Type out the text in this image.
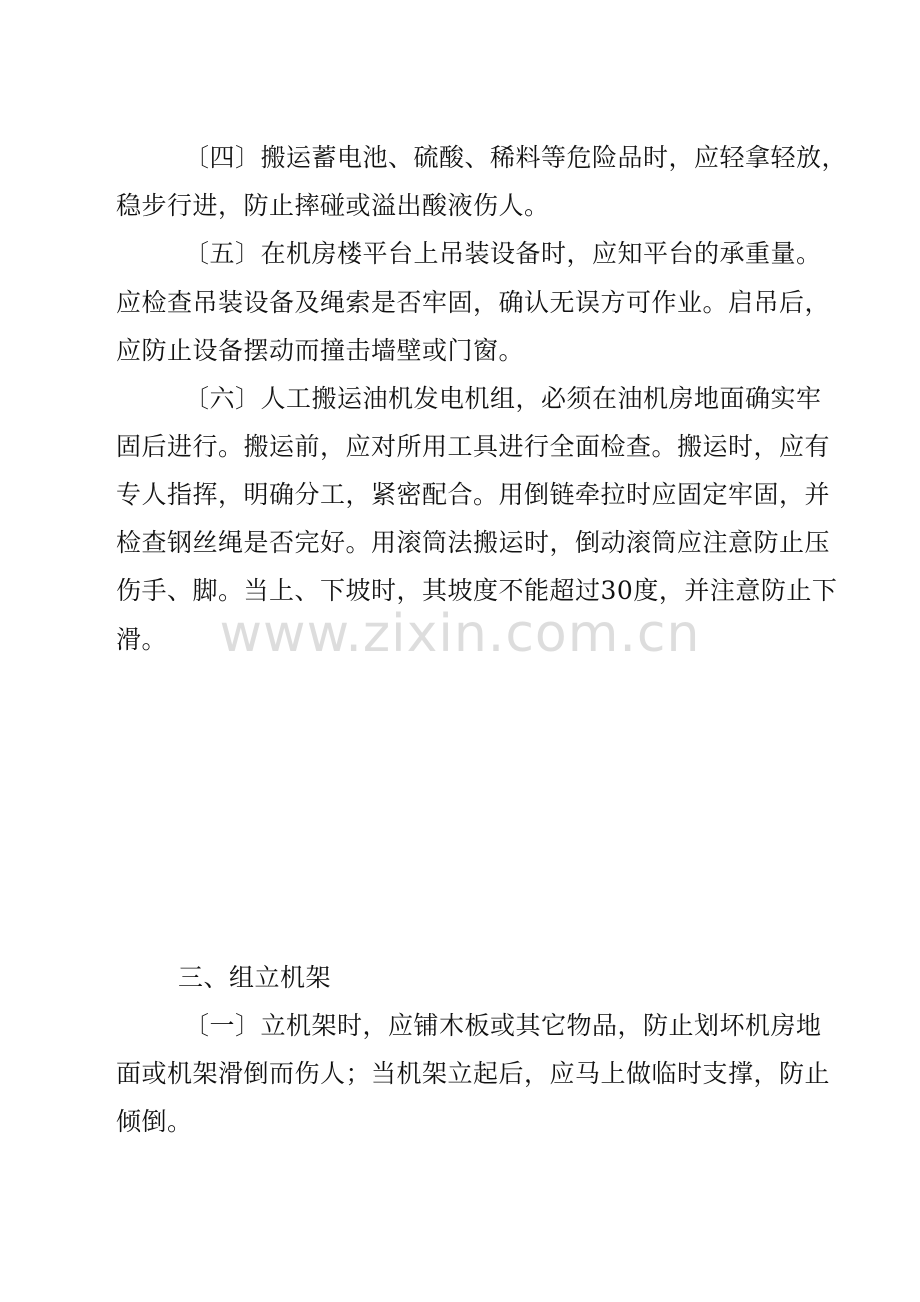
〔四〕搬运蓄电池、硫酸、稀料等危险品时，应轻拿轻放，
稳步行进，防止摔碰或溢出酸液伤人。
〔五〕在机房楼平台上吊装设备时，应知平台的承重量。
应检查吊装设备及绳索是否牢固，确认无误方可作业。启吊后，
应防止设备摆动而撞击墙壁或门窗。
〔六〕人工搬运油机发电机组，必须在油机房地面确实牢
固后进行。搬运前，应对所用工具进行全面检查。搬运时，应有
专人指挥，明确分工，紧密配合。用倒链牵拉时应固定牢固，并
检查钢丝绳是否完好。用滚筒法搬运时，倒动滚筒应注意防止压
伤手、脚。当上、下坡时，其坡度不能超过30度，并注意防止下
滑。	www.zixin.com.cn
三、组立机架
〔一〕立机架时，应铺木板或其它物品，防止划坏机房地
面或机架滑倒而伤人；当机架立起后，应马上做临时支撑，防止
倾倒。
